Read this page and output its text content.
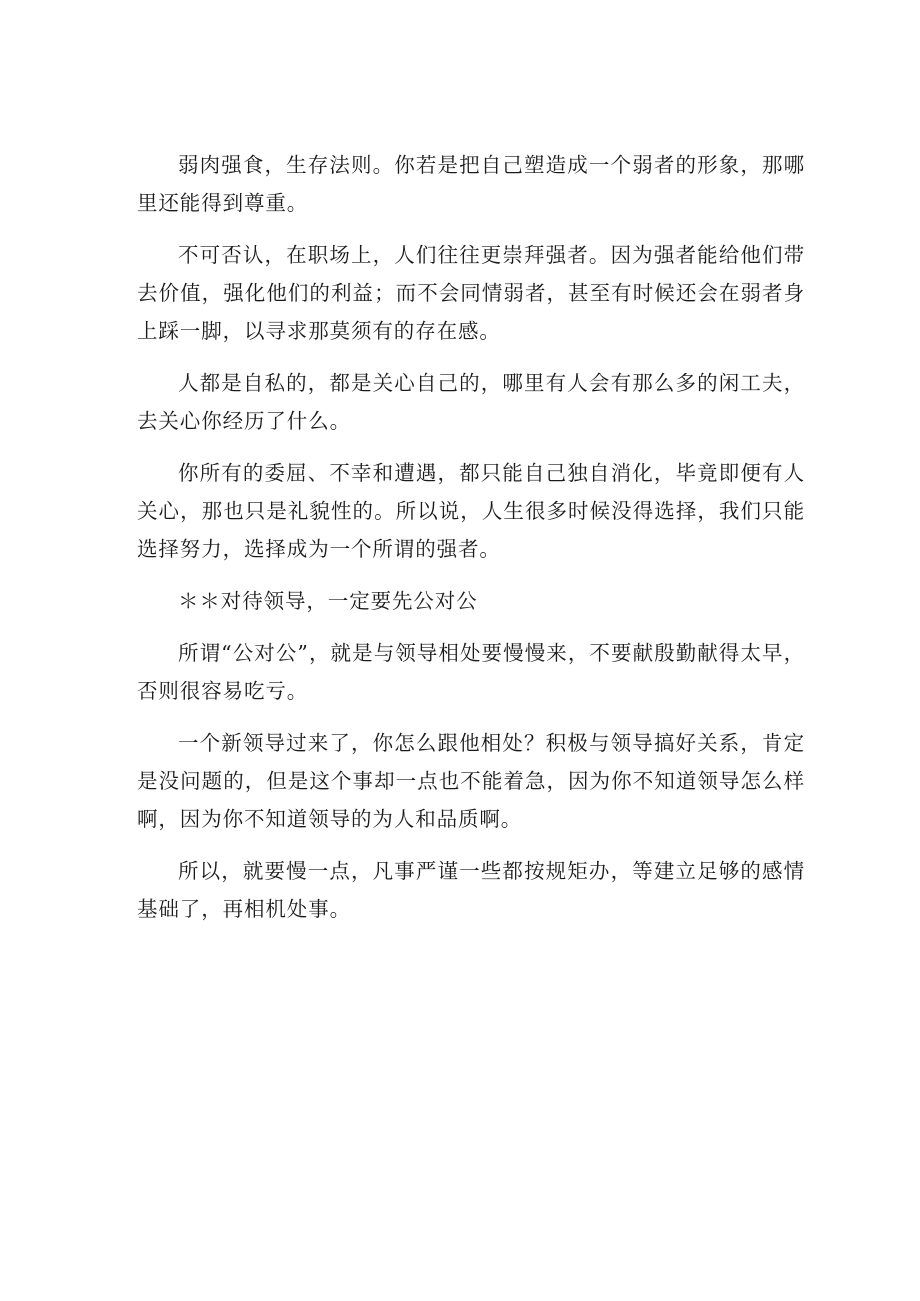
弱肉强食，生存法则。你若是把自己塑造成一个弱者的形象，那哪里还能得到尊重。

不可否认，在职场上，人们往往更崇拜强者。因为强者能给他们带去价值，强化他们的利益；而不会同情弱者，甚至有时候还会在弱者身上踩一脚，以寻求那莫须有的存在感。

人都是自私的，都是关心自己的，哪里有人会有那么多的闲工夫，去关心你经历了什么。

你所有的委屈、不幸和遭遇，都只能自己独自消化，毕竟即便有人关心，那也只是礼貌性的。所以说，人生很多时候没得选择，我们只能选择努力，选择成为一个所谓的强者。

＊＊对待领导，一定要先公对公

所谓“公对公”，就是与领导相处要慢慢来，不要献殷勤献得太早，否则很容易吃亏。

一个新领导过来了，你怎么跟他相处？积极与领导搞好关系，肯定是没问题的，但是这个事却一点也不能着急，因为你不知道领导怎么样啊，因为你不知道领导的为人和品质啊。

所以，就要慢一点，凡事严谨一些都按规矩办，等建立足够的感情基础了，再相机处事。
